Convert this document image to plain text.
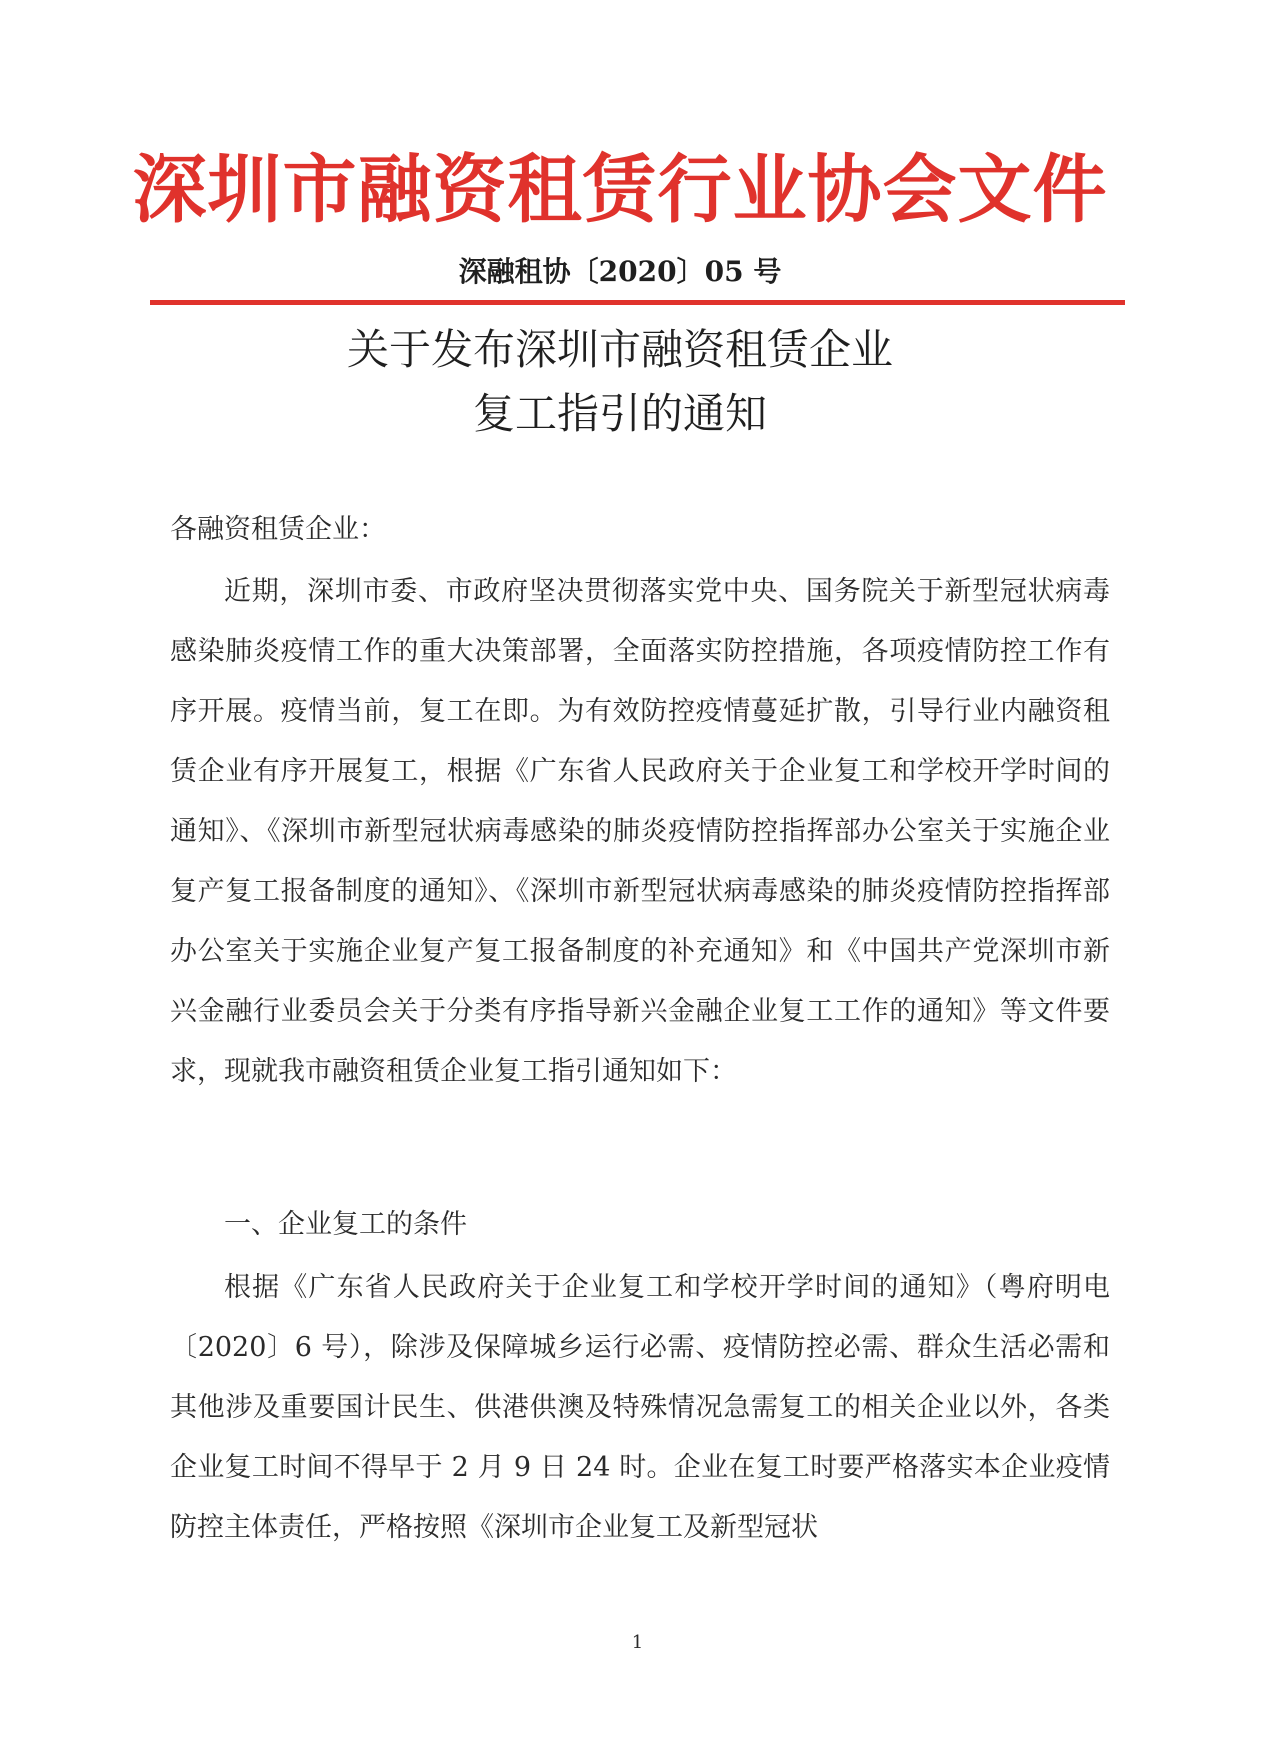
深圳市融资租赁行业协会文件
深融租协〔2020〕05 号
关于发布深圳市融资租赁企业
复工指引的通知

各融资租赁企业：

近期，深圳市委、市政府坚决贯彻落实党中央、国务院关于新型冠状病毒感染肺炎疫情工作的重大决策部署，全面落实防控措施，各项疫情防控工作有序开展。疫情当前，复工在即。为有效防控疫情蔓延扩散，引导行业内融资租赁企业有序开展复工，根据《广东省人民政府关于企业复工和学校开学时间的通知》、《深圳市新型冠状病毒感染的肺炎疫情防控指挥部办公室关于实施企业复产复工报备制度的通知》、《深圳市新型冠状病毒感染的肺炎疫情防控指挥部办公室关于实施企业复产复工报备制度的补充通知》和《中国共产党深圳市新兴金融行业委员会关于分类有序指导新兴金融企业复工工作的通知》等文件要求，现就我市融资租赁企业复工指引通知如下：

一、企业复工的条件

根据《广东省人民政府关于企业复工和学校开学时间的通知》（粤府明电〔2020〕6 号），除涉及保障城乡运行必需、疫情防控必需、群众生活必需和其他涉及重要国计民生、供港供澳及特殊情况急需复工的相关企业以外，各类企业复工时间不得早于 2 月 9 日 24 时。企业在复工时要严格落实本企业疫情防控主体责任，严格按照《深圳市企业复工及新型冠状

1
